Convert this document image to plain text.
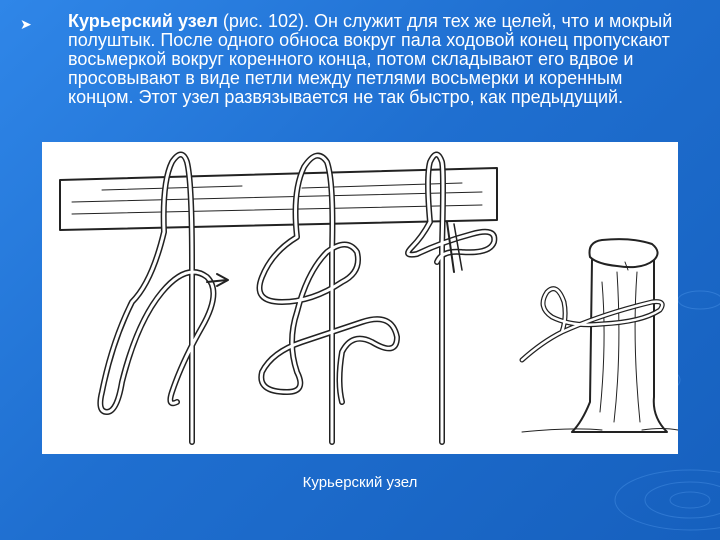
➤	Курьерский узел (рис. 102). Он служит для тех же целей, что и мокрый полуштык. После одного обноса вокруг пала ходовой конец пропускают восьмеркой вокруг коренного конца, потом складывают его вдвое и просовывают в виде петли между петлями восьмерки и коренным концом. Этот узел развязывается не так быстро, как предыдущий.
Курьерский узел
